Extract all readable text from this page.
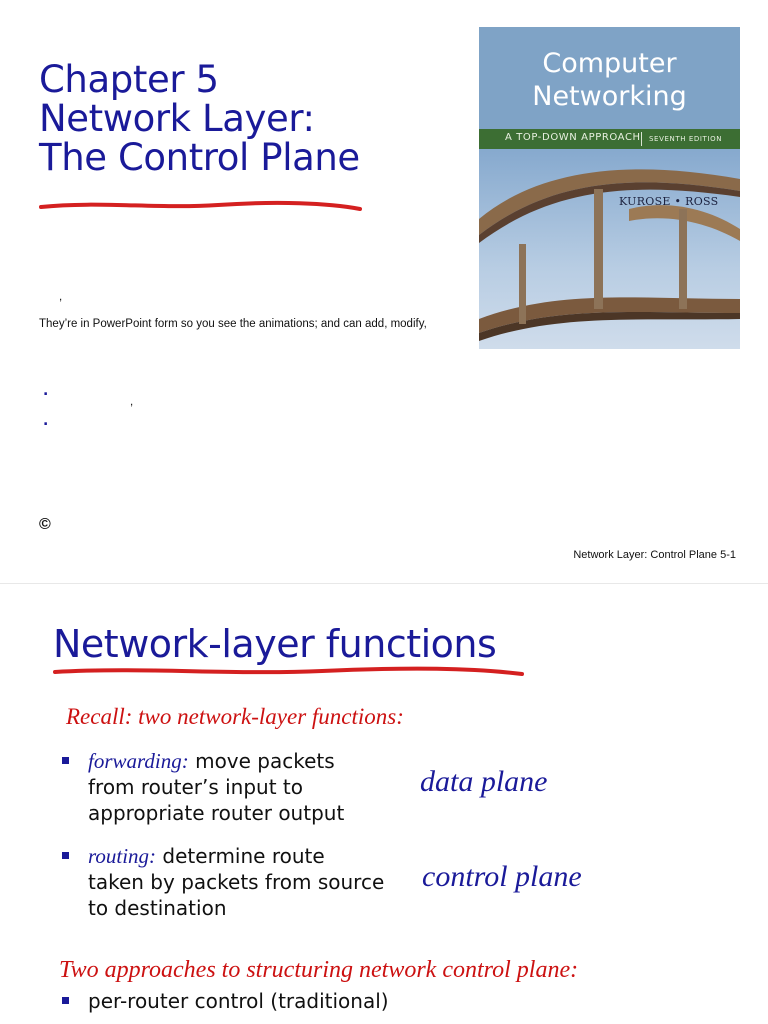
Chapter 5
Network Layer:
The Control Plane
,
They’re in PowerPoint form so you see the animations; and can add, modify,
.
,
.
©
Network Layer: Control Plane 5-1
Computer
Networking
A TOP-DOWN APPROACH SEVENTH EDITION
KUROSE • ROSS
Network-layer functions
Recall: two network-layer functions:
forwarding: move packets
from router’s input to
appropriate router output
data plane
routing: determine route
taken by packets from source
to destination
control plane
Two approaches to structuring network control plane:
per-router control (traditional)
